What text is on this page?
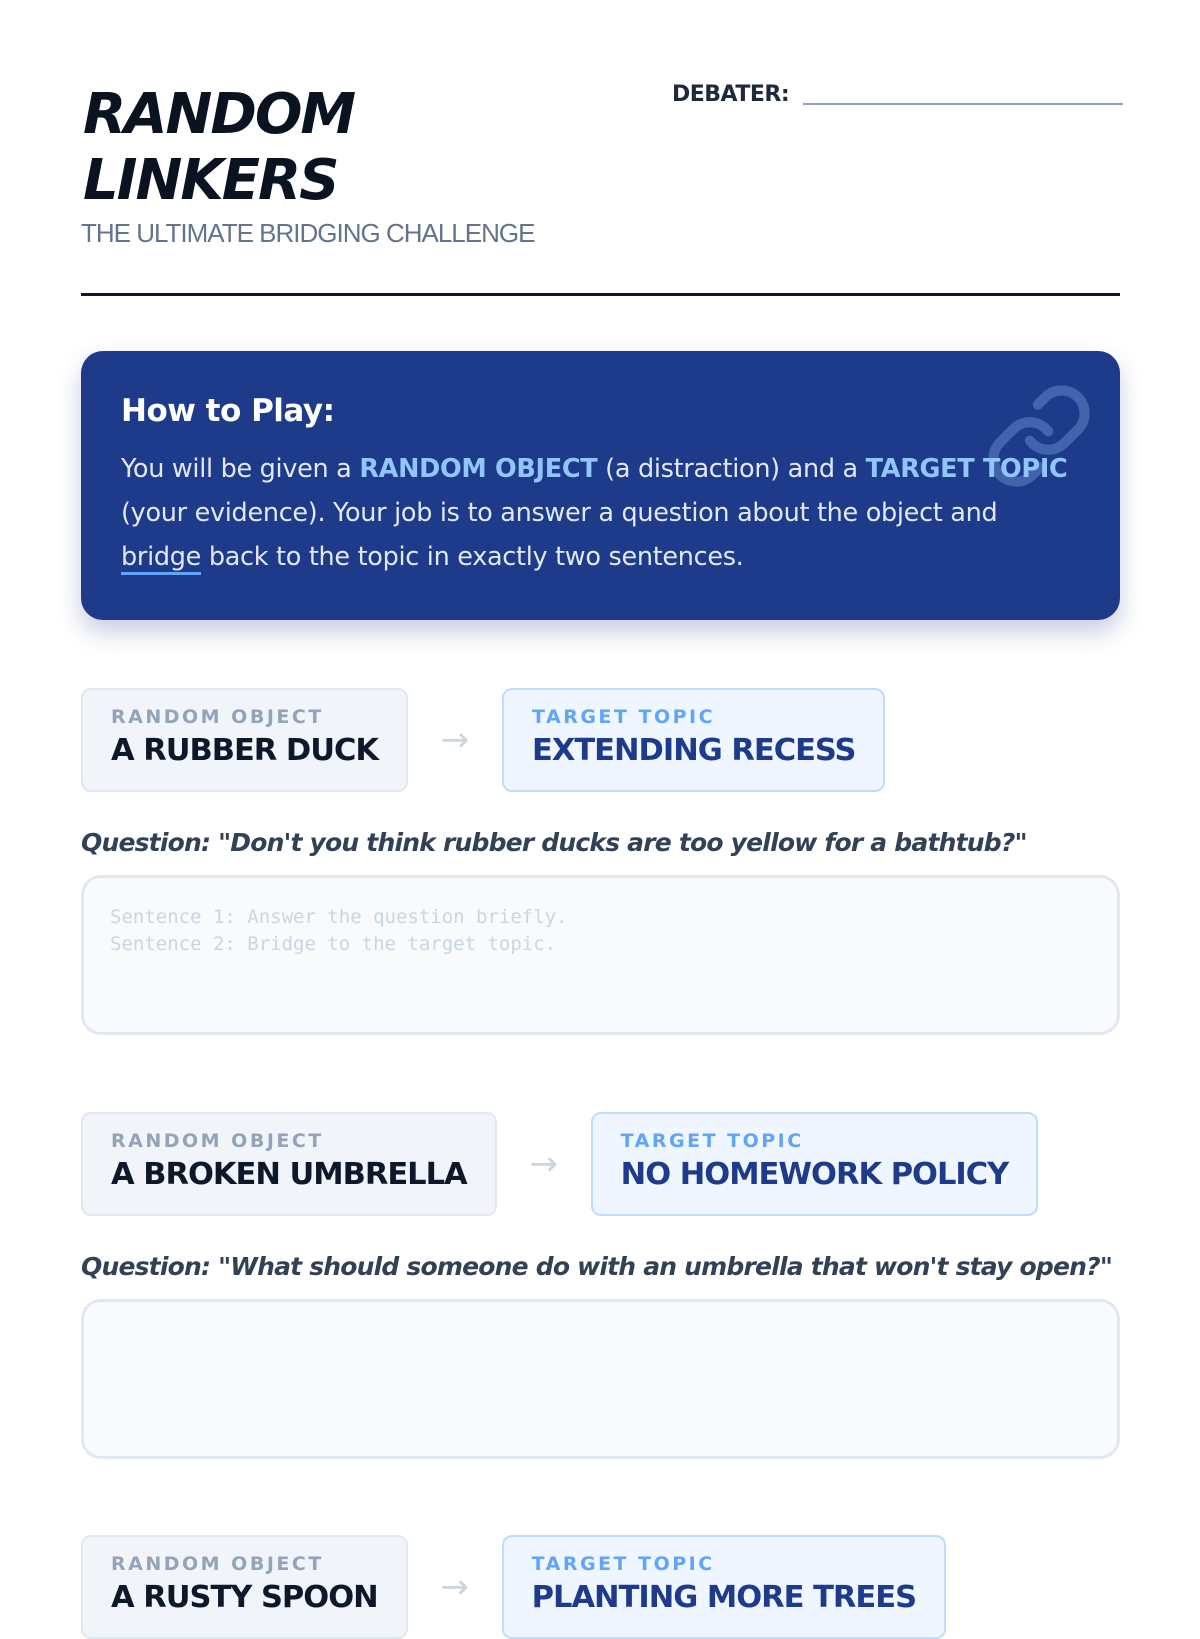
RANDOM
LINKERS
THE ULTIMATE BRIDGING CHALLENGE
DEBATER:
How to Play:

You will be given a RANDOM OBJECT (a distraction) and a TARGET TOPIC (your evidence). Your job is to answer a question about the object and bridge back to the topic in exactly two sentences.

RANDOM OBJECT
A RUBBER DUCK	→
TARGET TOPIC
EXTENDING RECESS
Question: "Don't you think rubber ducks are too yellow for a bathtub?"
Sentence 1: Answer the question briefly. Sentence 2: Bridge to the target topic.
RANDOM OBJECT
A BROKEN UMBRELLA	→
TARGET TOPIC
NO HOMEWORK POLICY
Question: "What should someone do with an umbrella that won't stay open?"
RANDOM OBJECT
A RUSTY SPOON	→
TARGET TOPIC
PLANTING MORE TREES
